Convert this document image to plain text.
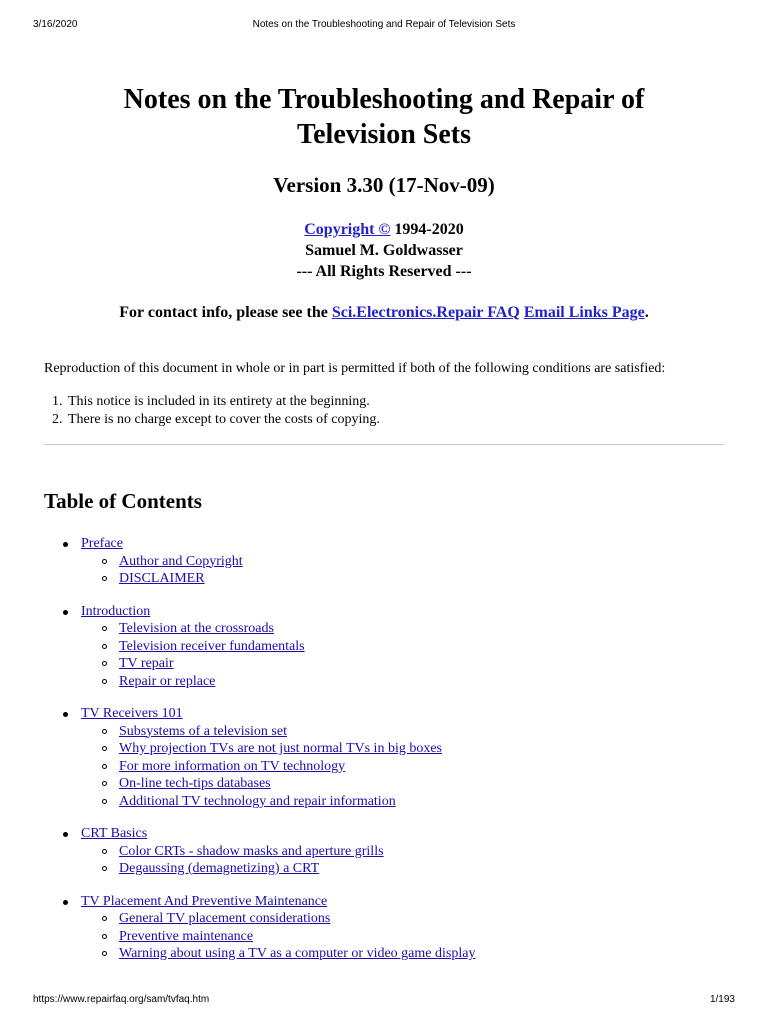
3/16/2020	Notes on the Troubleshooting and Repair of Television Sets
Notes on the Troubleshooting and Repair of
Television Sets
Version 3.30 (17-Nov-09)
Copyright © 1994-2020
Samuel M. Goldwasser
--- All Rights Reserved ---
For contact info, please see the Sci.Electronics.Repair FAQ Email Links Page.
Reproduction of this document in whole or in part is permitted if both of the following conditions are satisfied:
1. This notice is included in its entirety at the beginning.
2. There is no charge except to cover the costs of copying.
Table of Contents
Preface
Author and Copyright
DISCLAIMER
Introduction
Television at the crossroads
Television receiver fundamentals
TV repair
Repair or replace
TV Receivers 101
Subsystems of a television set
Why projection TVs are not just normal TVs in big boxes
For more information on TV technology
On-line tech-tips databases
Additional TV technology and repair information
CRT Basics
Color CRTs - shadow masks and aperture grills
Degaussing (demagnetizing) a CRT
TV Placement And Preventive Maintenance
General TV placement considerations
Preventive maintenance
Warning about using a TV as a computer or video game display
https://www.repairfaq.org/sam/tvfaq.htm	1/193
